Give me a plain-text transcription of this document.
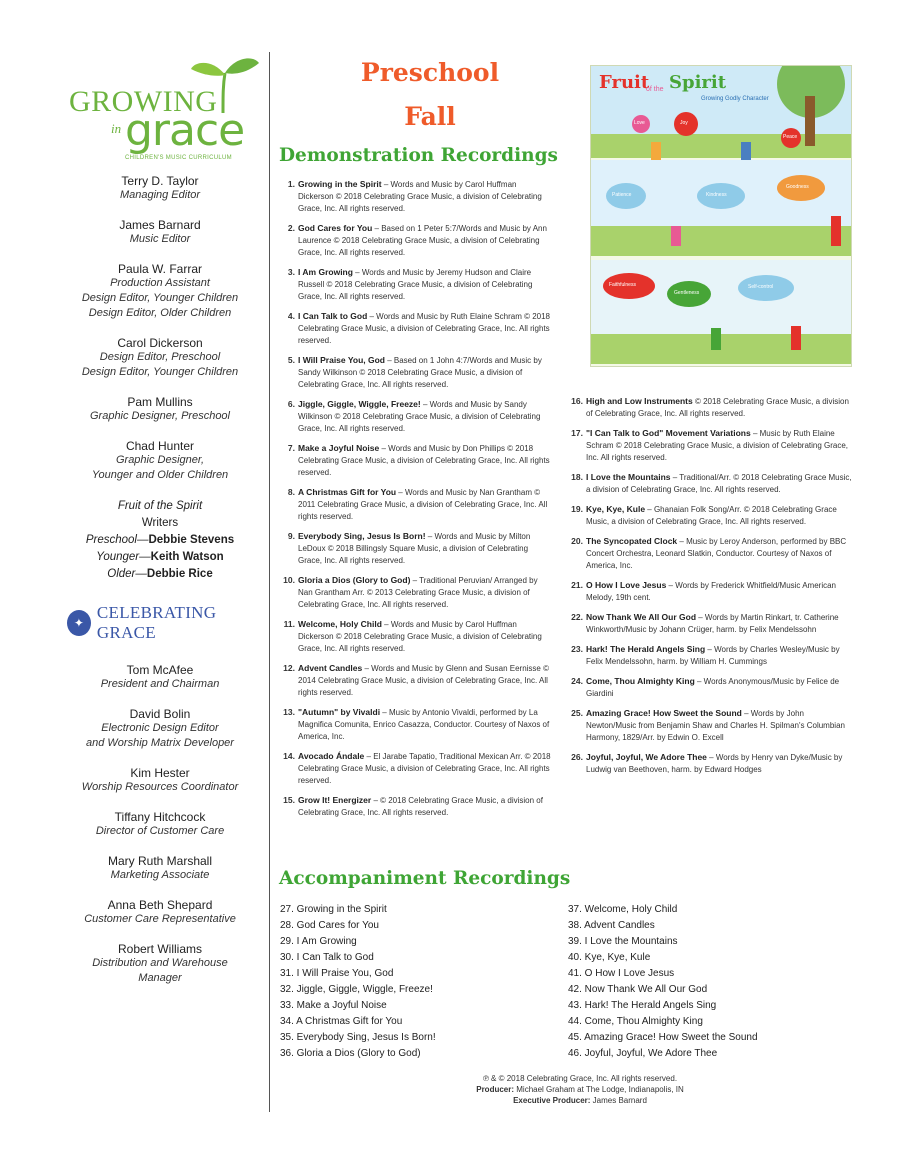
GROWING
in grace
CHILDREN'S MUSIC CURRICULUM
Terry D. Taylor
Managing Editor
James Barnard
Music Editor
Paula W. Farrar
Production Assistant
Design Editor, Younger Children
Design Editor, Older Children
Carol Dickerson
Design Editor, Preschool
Design Editor, Younger Children
Pam Mullins
Graphic Designer, Preschool
Chad Hunter
Graphic Designer,
Younger and Older Children
Fruit of the Spirit
Writers
Preschool—Debbie Stevens
Younger—Keith Watson
Older—Debbie Rice
✦
CELEBRATING GRACE
Tom McAfee
President and Chairman
David Bolin
Electronic Design Editor
and Worship Matrix Developer
Kim Hester
Worship Resources Coordinator
Tiffany Hitchcock
Director of Customer Care
Mary Ruth Marshall
Marketing Associate
Anna Beth Shepard
Customer Care Representative
Robert Williams
Distribution and Warehouse
Manager
Preschool
Fall
Demonstration Recordings
Fruit
of the Spirit
Growing Godly Character
Love	Joy
Peace
Patience	Kindness
Goodness
Faithfulness
Gentleness
Self-control
1. Growing in the Spirit – Words and Music by Carol Huffman Dickerson © 2018 Celebrating Grace Music, a division of Celebrating Grace, Inc. All rights reserved.
2. God Cares for You – Based on 1 Peter 5:7/Words and Music by Ann Laurence © 2018 Celebrating Grace Music, a division of Celebrating Grace, Inc. All rights reserved.
3. I Am Growing – Words and Music by Jeremy Hudson and Claire Russell © 2018 Celebrating Grace Music, a division of Celebrating Grace, Inc. All rights reserved.
4. I Can Talk to God – Words and Music by Ruth Elaine Schram © 2018 Celebrating Grace Music, a division of Celebrating Grace, Inc. All rights reserved.
5. I Will Praise You, God – Based on 1 John 4:7/Words and Music by Sandy Wilkinson © 2018 Celebrating Grace Music, a division of Celebrating Grace, Inc. All rights reserved.
6. Jiggle, Giggle, Wiggle, Freeze! – Words and Music by Sandy Wilkinson © 2018 Celebrating Grace Music, a division of Celebrating Grace, Inc. All rights reserved.
7. Make a Joyful Noise – Words and Music by Don Phillips © 2018 Celebrating Grace Music, a division of Celebrating Grace, Inc. All rights reserved.
8. A Christmas Gift for You – Words and Music by Nan Grantham © 2011 Celebrating Grace Music, a division of Celebrating Grace, Inc. All rights reserved.
9. Everybody Sing, Jesus Is Born! – Words and Music by Milton LeDoux © 2018 Billingsly Square Music, a division of Celebrating Grace, Inc. All rights reserved.
10. Gloria a Dios (Glory to God) – Traditional Peruvian/ Arranged by Nan Grantham Arr. © 2013 Celebrating Grace Music, a division of Celebrating Grace, Inc. All rights reserved.
11. Welcome, Holy Child – Words and Music by Carol Huffman Dickerson © 2018 Celebrating Grace Music, a division of Celebrating Grace, Inc. All rights reserved.
12. Advent Candles – Words and Music by Glenn and Susan Eernisse © 2014 Celebrating Grace Music, a division of Celebrating Grace, Inc. All rights reserved.
13. "Autumn" by Vivaldi – Music by Antonio Vivaldi, performed by La Magnifica Comunita, Enrico Casazza, Conductor. Courtesy of Naxos of America, Inc.
14. Avocado Ándale – El Jarabe Tapatio, Traditional Mexican Arr. © 2018 Celebrating Grace Music, a division of Celebrating Grace, Inc. All rights reserved.
15. Grow It! Energizer – © 2018 Celebrating Grace Music, a division of Celebrating Grace, Inc. All rights reserved.
16. High and Low Instruments © 2018 Celebrating Grace Music, a division of Celebrating Grace, Inc. All rights reserved.
17. "I Can Talk to God" Movement Variations – Music by Ruth Elaine Schram © 2018 Celebrating Grace Music, a division of Celebrating Grace, Inc. All rights reserved.
18. I Love the Mountains – Traditional/Arr. © 2018 Celebrating Grace Music, a division of Celebrating Grace, Inc. All rights reserved.
19. Kye, Kye, Kule – Ghanaian Folk Song/Arr. © 2018 Celebrating Grace Music, a division of Celebrating Grace, Inc. All rights reserved.
20. The Syncopated Clock – Music by Leroy Anderson, performed by BBC Concert Orchestra, Leonard Slatkin, Conductor. Courtesy of Naxos of America, Inc.
21. O How I Love Jesus – Words by Frederick Whitfield/Music American Melody, 19th cent.
22. Now Thank We All Our God – Words by Martin Rinkart, tr. Catherine Winkworth/Music by Johann Crüger, harm. by Felix Mendelssohn
23. Hark! The Herald Angels Sing – Words by Charles Wesley/Music by Felix Mendelssohn, harm. by William H. Cummings
24. Come, Thou Almighty King – Words Anonymous/Music by Felice de Giardini
25. Amazing Grace! How Sweet the Sound – Words by John Newton/Music from Benjamin Shaw and Charles H. Spilman's Columbian Harmony, 1829/Arr. by Edwin O. Excell
26. Joyful, Joyful, We Adore Thee – Words by Henry van Dyke/Music by Ludwig van Beethoven, harm. by Edward Hodges
Accompaniment Recordings
27. Growing in the Spirit
28. God Cares for You
29. I Am Growing
30. I Can Talk to God
31. I Will Praise You, God
32. Jiggle, Giggle, Wiggle, Freeze!
33. Make a Joyful Noise
34. A Christmas Gift for You
35. Everybody Sing, Jesus Is Born!
36. Gloria a Dios (Glory to God)
37. Welcome, Holy Child
38. Advent Candles
39. I Love the Mountains
40. Kye, Kye, Kule
41. O How I Love Jesus
42. Now Thank We All Our God
43. Hark! The Herald Angels Sing
44. Come, Thou Almighty King
45. Amazing Grace! How Sweet the Sound
46. Joyful, Joyful, We Adore Thee
℗ & © 2018 Celebrating Grace, Inc. All rights reserved.
Producer: Michael Graham at The Lodge, Indianapolis, IN
Executive Producer: James Barnard
